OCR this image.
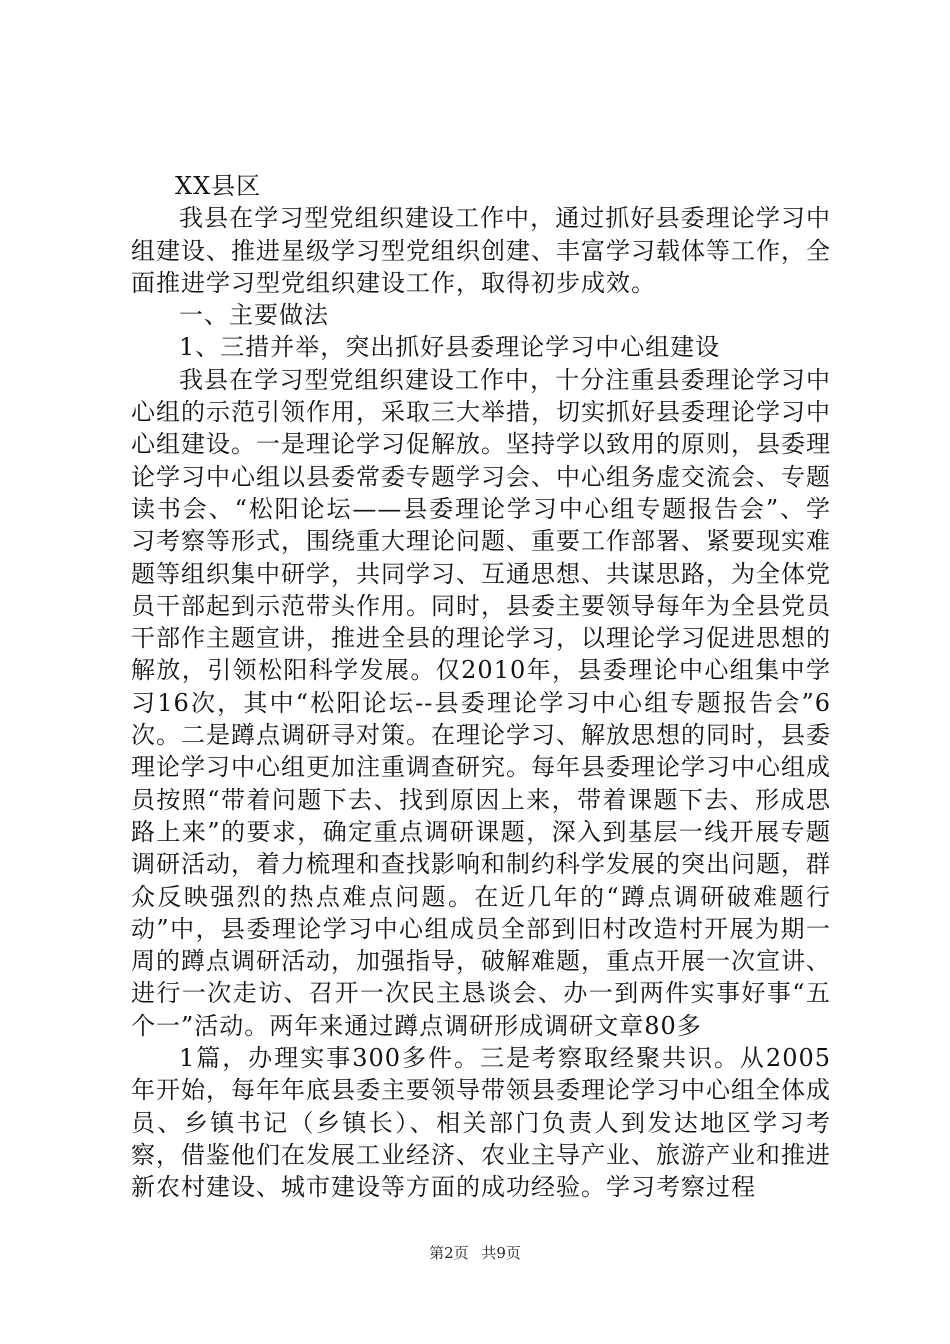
XX县区

我县在学习型党组织建设工作中，通过抓好县委理论学习中组建设、推进星级学习型党组织创建、丰富学习载体等工作，全面推进学习型党组织建设工作，取得初步成效。

一、主要做法

1、三措并举，突出抓好县委理论学习中心组建设

我县在学习型党组织建设工作中，十分注重县委理论学习中心组的示范引领作用，采取三大举措，切实抓好县委理论学习中心组建设。一是理论学习促解放。坚持学以致用的原则，县委理论学习中心组以县委常委专题学习会、中心组务虚交流会、专题读书会、“松阳论坛——县委理论学习中心组专题报告会”、学习考察等形式，围绕重大理论问题、重要工作部署、紧要现实难题等组织集中研学，共同学习、互通思想、共谋思路，为全体党员干部起到示范带头作用。同时，县委主要领导每年为全县党员干部作主题宣讲，推进全县的理论学习，以理论学习促进思想的解放，引领松阳科学发展。仅2010年，县委理论中心组集中学习16次，其中“松阳论坛--县委理论学习中心组专题报告会”6次。二是蹲点调研寻对策。在理论学习、解放思想的同时，县委理论学习中心组更加注重调查研究。每年县委理论学习中心组成员按照“带着问题下去、找到原因上来，带着课题下去、形成思路上来”的要求，确定重点调研课题，深入到基层一线开展专题调研活动，着力梳理和查找影响和制约科学发展的突出问题，群众反映强烈的热点难点问题。在近几年的“蹲点调研破难题行动”中，县委理论学习中心组成员全部到旧村改造村开展为期一周的蹲点调研活动，加强指导，破解难题，重点开展一次宣讲、进行一次走访、召开一次民主恳谈会、办一到两件实事好事“五个一”活动。两年来通过蹲点调研形成调研文章80多

1篇，办理实事300多件。三是考察取经聚共识。从2005年开始，每年年底县委主要领导带领县委理论学习中心组全体成员、乡镇书记（乡镇长）、相关部门负责人到发达地区学习考察，借鉴他们在发展工业经济、农业主导产业、旅游产业和推进新农村建设、城市建设等方面的成功经验。学习考察过程

第2页 共9页
